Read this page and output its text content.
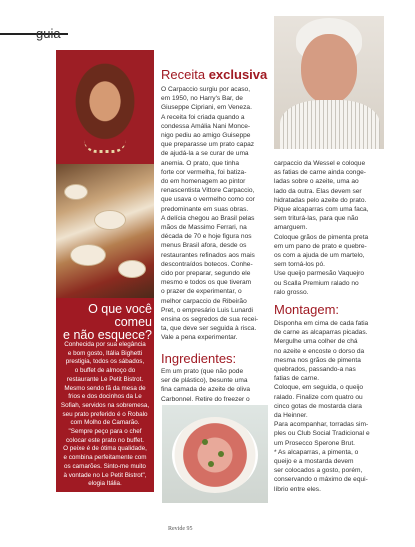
guia
O que você
comeu
e não esquece?
Conhecida por sua elegância
e bom gosto, Itália Bighetti
prestigia, todos os sábados,
o buffet de almoço do
restaurante Le Petit Bistrot.
Mesmo sendo fã da mesa de
frios e dos docinhos da Le
Sofiah, servidos na sobremesa,
seu prato preferido é o Robalo
com Molho de Camarão.
"Sempre peço para o chef
colocar este prato no buffet.
O peixe é de ótima qualidade,
e combina perfeitamente com
os camarões. Sinto-me muito
à vontade no Le Petit Bistrot",
elogia Itália.
Receita exclusiva
O Carpaccio surgiu por acaso,
em 1950, no Harry's Bar, de
Giuseppe Cipriani, em Veneza.
A receita foi criada quando a
condessa Amália Nani Monce-
nigo pediu ao amigo Guiseppe
que preparasse um prato capaz
de ajudá-la a se curar de uma
anemia. O prato, que tinha
forte cor vermelha, foi batiza-
do em homenagem ao pintor
renascentista Vittore Carpaccio,
que usava o vermelho como cor
predominante em suas obras.
A delícia chegou ao Brasil pelas
mãos de Massimo Ferrari, na
década de 70 e hoje figura nos
menus Brasil afora, desde os
restaurantes refinados aos mais
descontraídos botecos. Conhe-
cido por preparar, segundo ele
mesmo e todos os que tiveram
o prazer de experimentar, o
melhor carpaccio de Ribeirão
Pret, o empresário Luis Lunardi
ensina os segredos de sua recei-
ta, que deve ser seguida à risca.
Vale a pena experimentar.
Ingredientes:
Em um prato (que não pode
ser de plástico), besunte uma
fina camada de azeite de oliva
Carbonnel. Retire do freezer o
carpaccio da Wessel e coloque
as fatias de carne ainda conge-
ladas sobre o azeite, uma ao
lado da outra. Elas devem ser
hidratadas pelo azeite do prato.
Pique alcaparras com uma faca,
sem triturá-las, para que não
amarguem.
Coloque grãos de pimenta preta
em um pano de prato e quebre-
os com a ajuda de um martelo,
sem torná-los pó.
Use queijo parmesão Vaquejro
ou Scalla Premium ralado no
ralo grosso.
Montagem:
Disponha em cima de cada fatia
de carne as alcaparras picadas.
Mergulhe uma colher de chá
no azeite e encoste o dorso da
mesma nos grãos de pimenta
quebrados, passando-a nas
fatias de carne.
Coloque, em seguida, o queijo
ralado. Finalize com quatro ou
cinco gotas de mostarda clara
da Heinner.
Para acompanhar, torradas sim-
ples ou Club Social Tradicional e
um Prosecco Sperone Brut.
* As alcaparras, a pimenta, o
queijo e a mostarda devem
ser colocados a gosto, porém,
conservando o máximo de equi-
líbrio entre eles.
Revide 95
